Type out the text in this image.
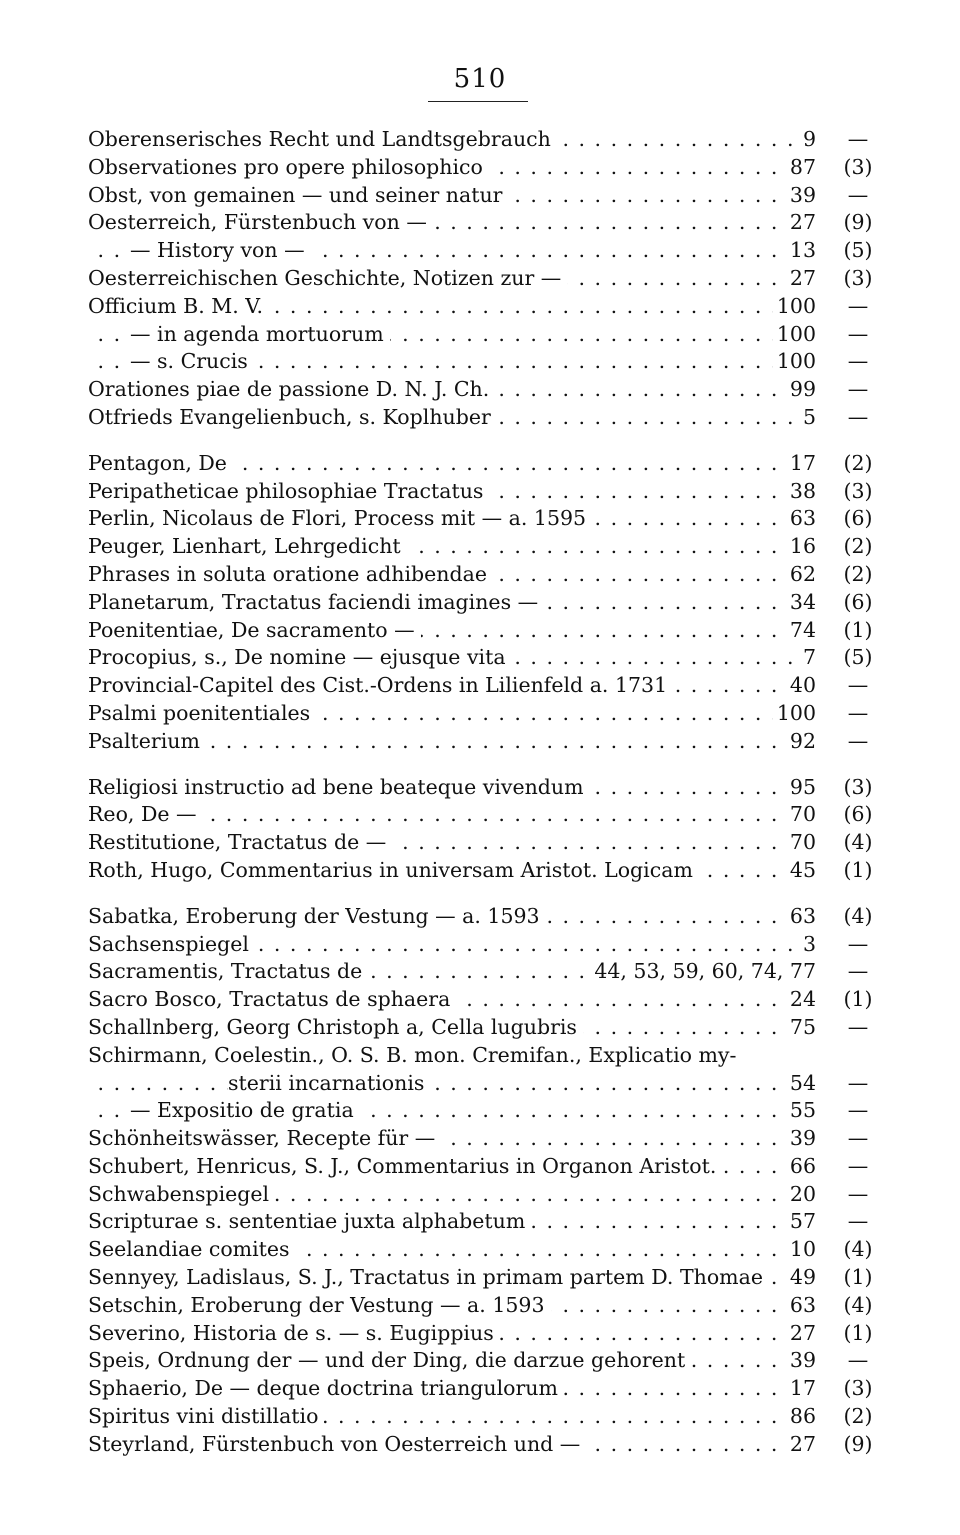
510
Oberenserisches Recht und Landtsgebrauch . . .	9	—
Observationes pro opere philosophico . . .	87 (3)
Obst, von gemainen — und seiner natur . . .	39	—
Oesterreich, Fürstenbuch von — . . .	27 (9)
— History von — . . .	13 (5)
Oesterreichischen Geschichte, Notizen zur — . . .	27 (3)
Officium B. M. V. . . .	100	—
— in agenda mortuorum . . .	100	—
— s. Crucis . . .	100	—
Orationes piae de passione D. N. J. Ch. . . .	99	—
Otfrieds Evangelienbuch, s. Koplhuber . . .	5	—
Pentagon, De . . .	17 (2)
Peripatheticae philosophiae Tractatus . . .	38 (3)
Perlin, Nicolaus de Flori, Process mit — a. 1595 . . .	63 (6)
Peuger, Lienhart, Lehrgedicht . . .	16 (2)
Phrases in soluta oratione adhibendae . . .	62 (2)
Planetarum, Tractatus faciendi imagines — . . .	34 (6)
Poenitentiae, De sacramento — . . .	74 (1)
Procopius, s., De nomine — ejusque vita . . .	7 (5)
Provincial-Capitel des Cist.-Ordens in Lilienfeld a. 1731 . . .	40	—
Psalmi poenitentiales . . .	100	—
Psalterium . . .	92	—
Religiosi instructio ad bene beateque vivendum . . .	95 (3)
Reo, De — . . .	70 (6)
Restitutione, Tractatus de — . . .	70 (4)
Roth, Hugo, Commentarius in universam Aristot. Logicam . . .	45 (1)
Sabatka, Eroberung der Vestung — a. 1593 . . .	63 (4)
Sachsenspiegel . . .	3	—
Sacramentis, Tractatus de . . .	44, 53, 59, 60, 74, 77	—
Sacro Bosco, Tractatus de sphaera . . .	24 (1)
Schallnberg, Georg Christoph a, Cella lugubris . . .	75	—
Schirmann, Coelestin., O. S. B. mon. Cremifan., Explicatio my-
sterii incarnationis . . .	54	—
— Expositio de gratia . . .	55	—
Schönheitswässer, Recepte für — . . .	39	—
Schubert, Henricus, S. J., Commentarius in Organon Aristot. . . .	66	—
Schwabenspiegel . . .	20	—
Scripturae s. sententiae juxta alphabetum . . .	57	—
Seelandiae comites . . .	10 (4)
Sennyey, Ladislaus, S. J., Tractatus in primam partem D. Thomae . . .	49 (1)
Setschin, Eroberung der Vestung — a. 1593 . . .	63 (4)
Severino, Historia de s. — s. Eugippius . . .	27 (1)
Speis, Ordnung der — und der Ding, die darzue gehorent . . .	39	—
Sphaerio, De — deque doctrina triangulorum . . .	17 (3)
Spiritus vini distillatio . . .	86 (2)
Steyrland, Fürstenbuch von Oesterreich und — . . .	27 (9)
